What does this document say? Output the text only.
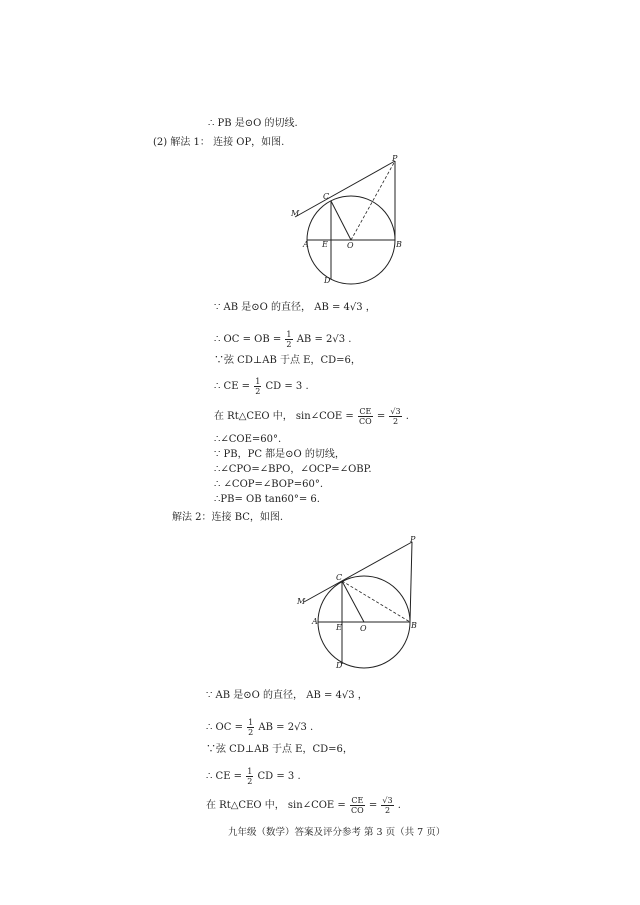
∴ PB 是⊙O 的切线.
(2) 解法 1： 连接 OP，如图.
P
C
M
A E O	B
D
∵ AB 是⊙O 的直径， AB = 4√3 ，
∴ OC = OB = $\frac{1}{2}$ AB = 2√3 .
∵弦 CD⊥AB 于点 E，CD=6，
∴ CE = $\frac{1}{2}$ CD = 3 .
在 Rt△CEO 中， sin∠COE = $\frac{CE}{CO} = \frac{√3}{2}$ .
∴∠COE=60°.
∵ PB，PC 都是⊙O 的切线，
∴∠CPO=∠BPO，∠OCP=∠OBP.
∴ ∠COP=∠BOP=60°.
∴PB= OB tan60°= 6.
解法 2：连接 BC，如图.
P
C
M
A
E O	B
D
∵ AB 是⊙O 的直径， AB = 4√3 ，
∴ OC = $\frac{1}{2}$ AB = 2√3 .
∵弦 CD⊥AB 于点 E，CD=6，
∴ CE = $\frac{1}{2}$ CD = 3 .
在 Rt△CEO 中， sin∠COE = $\frac{CE}{CO} = \frac{√3}{2}$ .
九年级（数学）答案及评分参考 第 3 页（共 7 页）
